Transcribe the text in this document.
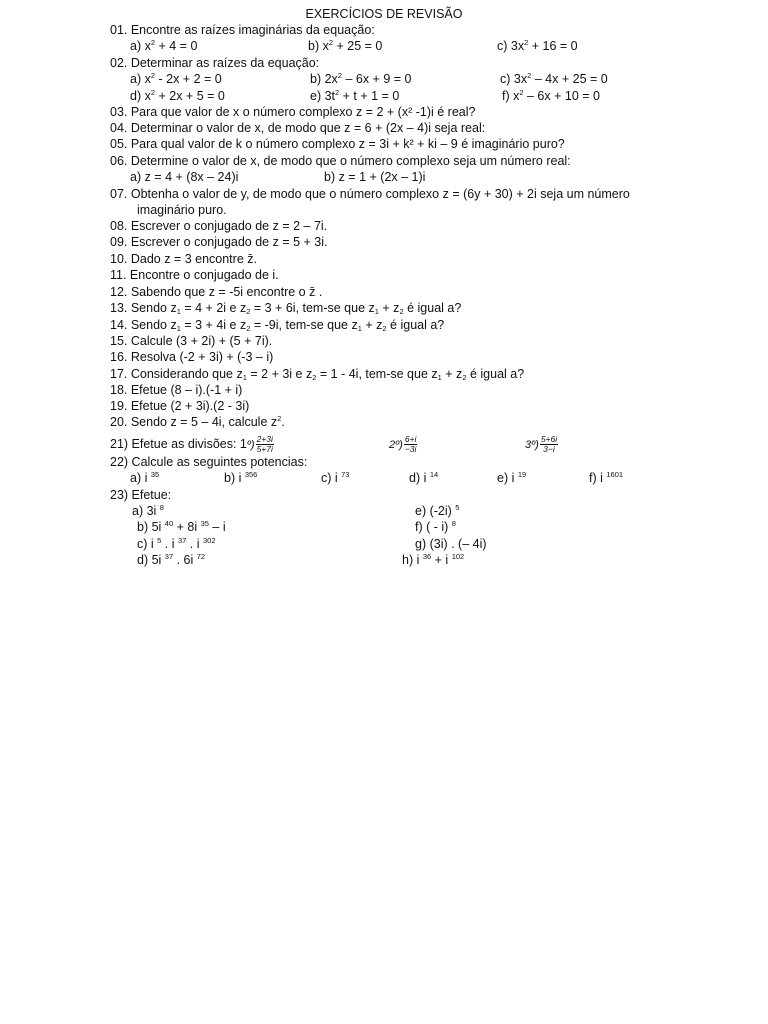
EXERCÍCIOS DE REVISÃO
01. Encontre as raízes imaginárias da equação:
a) $x^2 + 4 = 0$	b) $x^2 + 25 = 0$	c) $3x^2 + 16 = 0$
02. Determinar as raízes da equação:
a) $x^2 - 2x + 2 = 0$	b) $2x^2 - 6x + 9 = 0$	c) $3x^2 - 4x + 25 = 0$
d) $x^2 + 2x + 5 = 0$	e) $3t^2 + t + 1 = 0$	f) $x^2 - 6x + 10 = 0$
03. Para que valor de x o número complexo z = 2 + (x² -1)i é real?
04. Determinar o valor de x, de modo que z = 6 + (2x – 4)i seja real:
05. Para qual valor de k o número complexo z = 3i + k² + ki – 9 é imaginário puro?
06. Determine o valor de x, de modo que o número complexo seja um número real:
a) z = 4 + (8x – 24)i	b) z = 1 + (2x – 1)i
07. Obtenha o valor de y, de modo que o número complexo z = (6y + 30) + 2i seja um número
imaginário puro.
08. Escrever o conjugado de z = 2 – 7i.
09. Escrever o conjugado de z = 5 + 3i.
10. Dado z = 3 encontre z̄.
11. Encontre o conjugado de i.
12. Sabendo que z = -5i encontre o z̄ .
13. Sendo $z_1 = 4 + 2i$ e $z_2 = 3 + 6i$, tem-se que $z_1 + z_2$ é igual a?
14. Sendo $z_1 = 3 + 4i$ e $z_2 = -9i$, tem-se que $z_1 + z_2$ é igual a?
15. Calcule (3 + 2i) + (5 + 7i).
16. Resolva (-2 + 3i) + (-3 – i)
17. Considerando que $z_1 = 2 + 3i$ e $z_2 = 1 - 4i$, tem-se que $z_1 + z_2$ é igual a?
18. Efetue (8 – i).(-1 + i)
19. Efetue (2 + 3i).(2 - 3i)
20. Sendo z = 5 – 4i, calcule $z^2$.
21) Efetue as divisões: 1º) $\frac{2+3i}{5+7i}$	2º) $\frac{6+i}{-3i}$	3º) $\frac{5+6i}{3-i}$
22) Calcule as seguintes potencias:
a) i $^{35}$	b) i $^{356}$	c) i $^{73}$	d) i $^{14}$	e) i $^{19}$	f) i $^{1601}$
23) Efetue:
a) 3i $^8$
b) 5i $^{40}$ + 8i $^{35}$ – i
c) i $^5$ . i $^{37}$ . i $^{302}$
d) 5i $^{37}$ . 6i $^{72}$
e) (-2i) $^5$
f) ( - i) $^8$
g) (3i) . (– 4i)
h) i $^{36}$ + i $^{102}$
